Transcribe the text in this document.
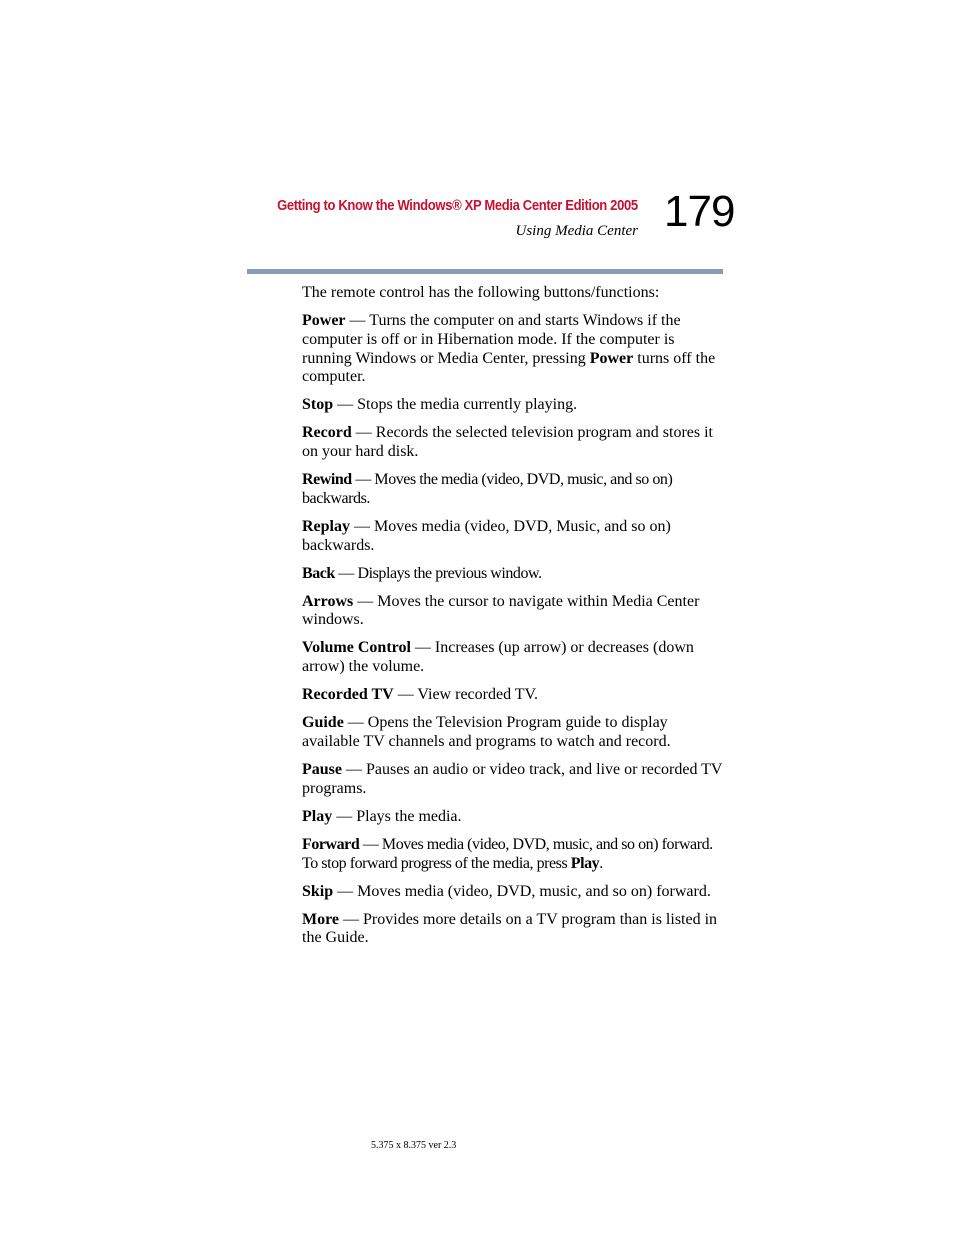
Getting to Know the Windows® XP Media Center Edition 2005
Using Media Center 179

The remote control has the following buttons/functions:

Power — Turns the computer on and starts Windows if the computer is off or in Hibernation mode. If the computer is running Windows or Media Center, pressing Power turns off the computer.

Stop — Stops the media currently playing.

Record — Records the selected television program and stores it on your hard disk.

Rewind — Moves the media (video, DVD, music, and so on) backwards.

Replay — Moves media (video, DVD, Music, and so on) backwards.

Back — Displays the previous window.

Arrows — Moves the cursor to navigate within Media Center windows.

Volume Control — Increases (up arrow) or decreases (down arrow) the volume.

Recorded TV — View recorded TV.

Guide — Opens the Television Program guide to display available TV channels and programs to watch and record.

Pause — Pauses an audio or video track, and live or recorded TV programs.

Play — Plays the media.

Forward — Moves media (video, DVD, music, and so on) forward. To stop forward progress of the media, press Play.

Skip — Moves media (video, DVD, music, and so on) forward.

More — Provides more details on a TV program than is listed in the Guide.

5.375 x 8.375 ver 2.3
